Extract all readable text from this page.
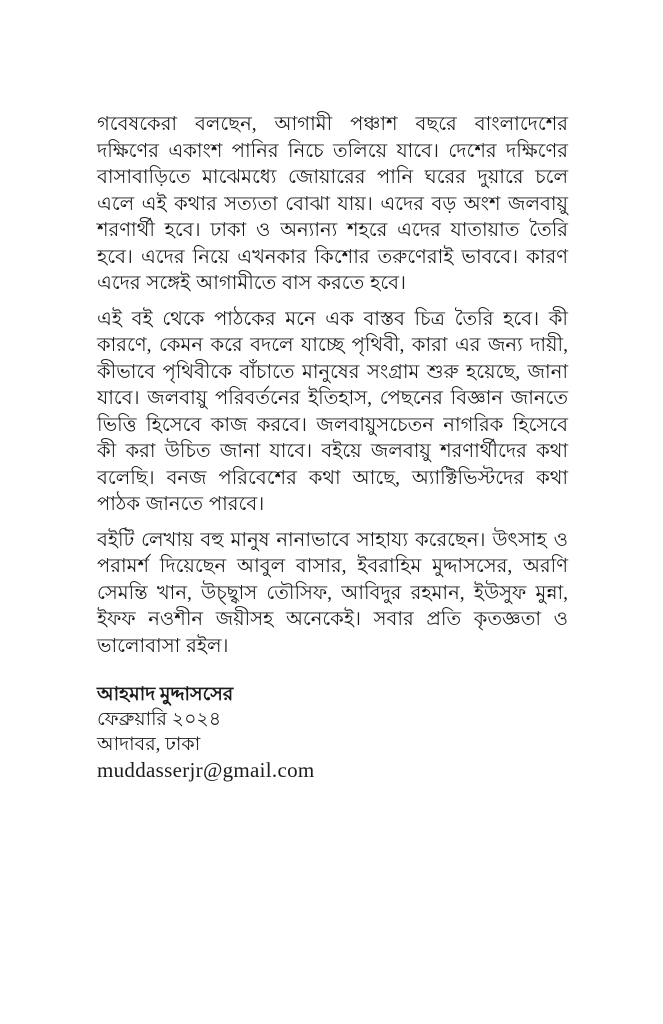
গবেষকেরা বলছেন, আগামী পঞ্চাশ বছরে বাংলাদেশের দক্ষিণের একাংশ পানির নিচে তলিয়ে যাবে। দেশের দক্ষিণের বাসাবাড়িতে মাঝেমধ্যে জোয়ারের পানি ঘরের দুয়ারে চলে এলে এই কথার সত্যতা বোঝা যায়। এদের বড় অংশ জলবায়ু শরণার্থী হবে। ঢাকা ও অন্যান্য শহরে এদের যাতায়াত তৈরি হবে। এদের নিয়ে এখনকার কিশোর তরুণেরাই ভাববে। কারণ এদের সঙ্গেই আগামীতে বাস করতে হবে।

এই বই থেকে পাঠকের মনে এক বাস্তব চিত্র তৈরি হবে। কী কারণে, কেমন করে বদলে যাচ্ছে পৃথিবী, কারা এর জন্য দায়ী, কীভাবে পৃথিবীকে বাঁচাতে মানুষের সংগ্রাম শুরু হয়েছে, জানা যাবে। জলবায়ু পরিবর্তনের ইতিহাস, পেছনের বিজ্ঞান জানতে ভিত্তি হিসেবে কাজ করবে। জলবায়ুসচেতন নাগরিক হিসেবে কী করা উচিত জানা যাবে। বইয়ে জলবায়ু শরণার্থীদের কথা বলেছি। বনজ পরিবেশের কথা আছে, অ্যাক্টিভিস্টদের কথা পাঠক জানতে পারবে।

বইটি লেখায় বহু মানুষ নানাভাবে সাহায্য করেছেন। উৎসাহ ও পরামর্শ দিয়েছেন আবুল বাসার, ইবরাহিম মুদ্দাসসের, অরণি সেমন্তি খান, উচ্ছ্বাস তৌসিফ, আবিদুর রহমান, ইউসুফ মুন্না, ইফফ নওশীন জয়ীসহ অনেকেই। সবার প্রতি কৃতজ্ঞতা ও ভালোবাসা রইল।

আহমাদ মুদ্দাসসের
ফেব্রুয়ারি ২০২৪
আদাবর, ঢাকা
muddasserjr@gmail.com
